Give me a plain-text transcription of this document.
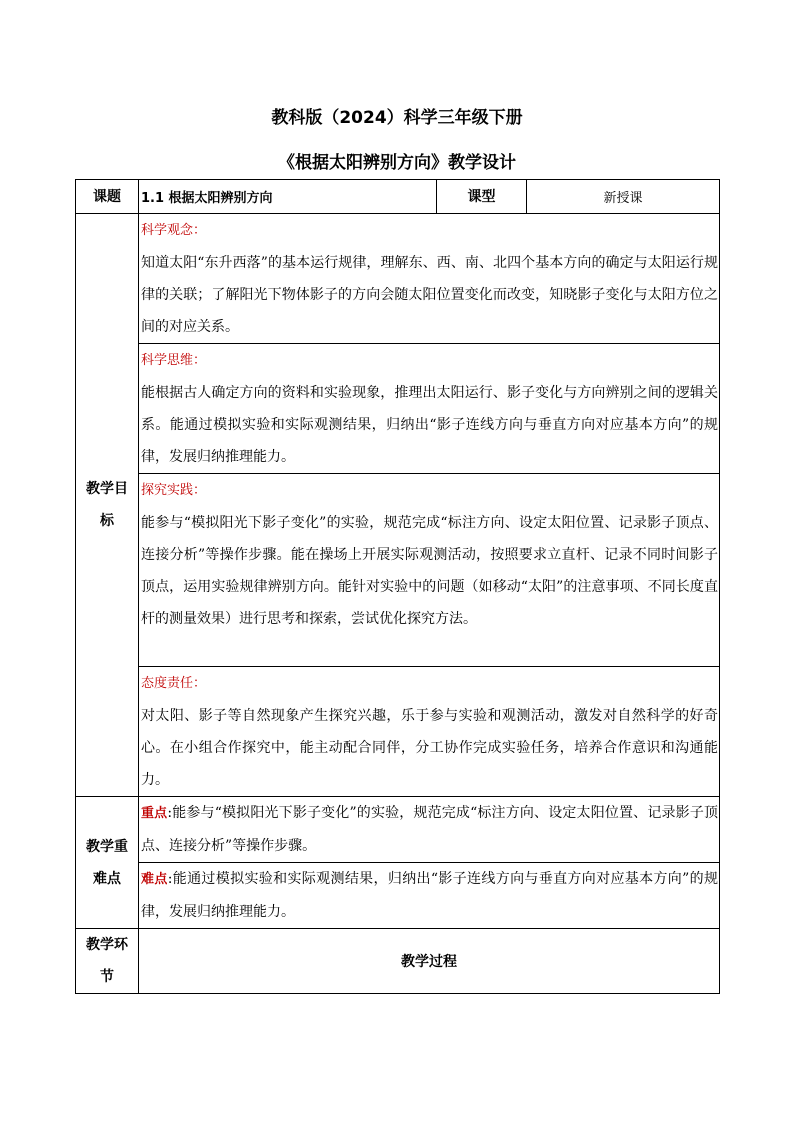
教科版（2024）科学三年级下册
《根据太阳辨别方向》教学设计
课题	1.1 根据太阳辨别方向	课型	新授课
教学目标	科学观念：
知道太阳“东升西落”的基本运行规律，理解东、西、南、北四个基本方向的确定与太阳运行规律的关联；了解阳光下物体影子的方向会随太阳位置变化而改变，知晓影子变化与太阳方位之间的对应关系。		
	科学思维：
能根据古人确定方向的资料和实验现象，推理出太阳运行、影子变化与方向辨别之间的逻辑关系。能通过模拟实验和实际观测结果，归纳出“影子连线方向与垂直方向对应基本方向”的规律，发展归纳推理能力。		
	探究实践：
能参与“模拟阳光下影子变化”的实验，规范完成“标注方向、设定太阳位置、记录影子顶点、连接分析”等操作步骤。能在操场上开展实际观测活动，按照要求立直杆、记录不同时间影子顶点，运用实验规律辨别方向。能针对实验中的问题（如移动“太阳”的注意事项、不同长度直杆的测量效果）进行思考和探索，尝试优化探究方法。		
	态度责任：
对太阳、影子等自然现象产生探究兴趣，乐于参与实验和观测活动，激发对自然科学的好奇心。在小组合作探究中，能主动配合同伴，分工协作完成实验任务，培养合作意识和沟通能力。		
教学重难点	重点:能参与“模拟阳光下影子变化”的实验，规范完成“标注方向、设定太阳位置、记录影子顶点、连接分析”等操作步骤。		
	难点:能通过模拟实验和实际观测结果，归纳出“影子连线方向与垂直方向对应基本方向”的规律，发展归纳推理能力。		
教学环节	教学过程		
